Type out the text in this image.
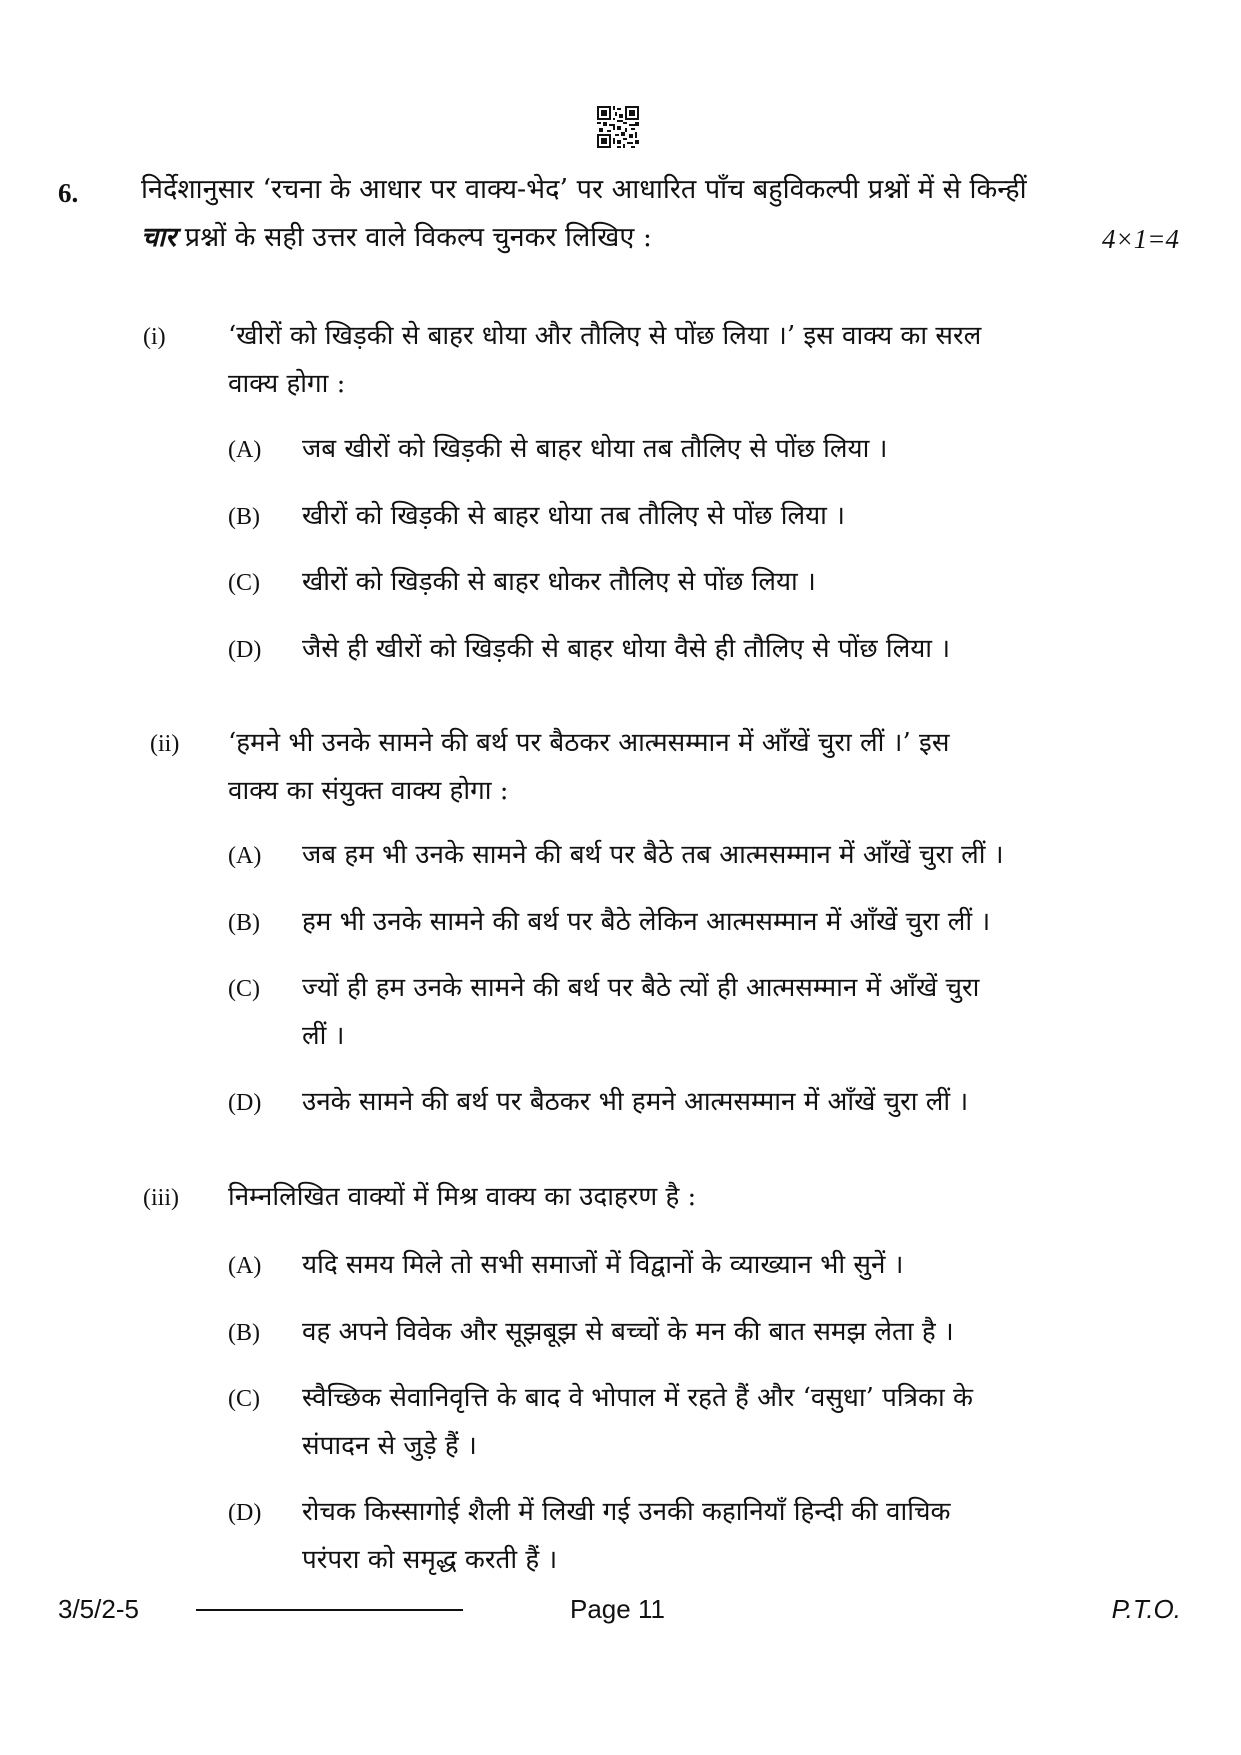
6. निर्देशानुसार ‘रचना के आधार पर वाक्य-भेद’ पर आधारित पाँच बहुविकल्पी प्रश्नों में से किन्हीं
चार प्रश्नों के सही उत्तर वाले विकल्प चुनकर लिखिए :	4×1=4
(i) ‘खीरों को खिड़की से बाहर धोया और तौलिए से पोंछ लिया ।’ इस वाक्य का सरल
वाक्य होगा :
(A) जब खीरों को खिड़की से बाहर धोया तब तौलिए से पोंछ लिया ।
(B) खीरों को खिड़की से बाहर धोया तब तौलिए से पोंछ लिया ।
(C) खीरों को खिड़की से बाहर धोकर तौलिए से पोंछ लिया ।
(D) जैसे ही खीरों को खिड़की से बाहर धोया वैसे ही तौलिए से पोंछ लिया ।
(ii) ‘हमने भी उनके सामने की बर्थ पर बैठकर आत्मसम्मान में आँखें चुरा लीं ।’ इस
वाक्य का संयुक्त वाक्य होगा :
(A) जब हम भी उनके सामने की बर्थ पर बैठे तब आत्मसम्मान में आँखें चुरा लीं ।
(B) हम भी उनके सामने की बर्थ पर बैठे लेकिन आत्मसम्मान में आँखें चुरा लीं ।
(C) ज्यों ही हम उनके सामने की बर्थ पर बैठे त्यों ही आत्मसम्मान में आँखें चुरा
लीं ।
(D) उनके सामने की बर्थ पर बैठकर भी हमने आत्मसम्मान में आँखें चुरा लीं ।
(iii) निम्नलिखित वाक्यों में मिश्र वाक्य का उदाहरण है :
(A) यदि समय मिले तो सभी समाजों में विद्वानों के व्याख्यान भी सुनें ।
(B) वह अपने विवेक और सूझबूझ से बच्चों के मन की बात समझ लेता है ।
(C) स्वैच्छिक सेवानिवृत्ति के बाद वे भोपाल में रहते हैं और ‘वसुधा’ पत्रिका के
संपादन से जुड़े हैं ।
(D) रोचक किस्सागोई शैली में लिखी गई उनकी कहानियाँ हिन्दी की वाचिक
परंपरा को समृद्ध करती हैं ।
3/5/2-5	Page 11	P.T.O.
